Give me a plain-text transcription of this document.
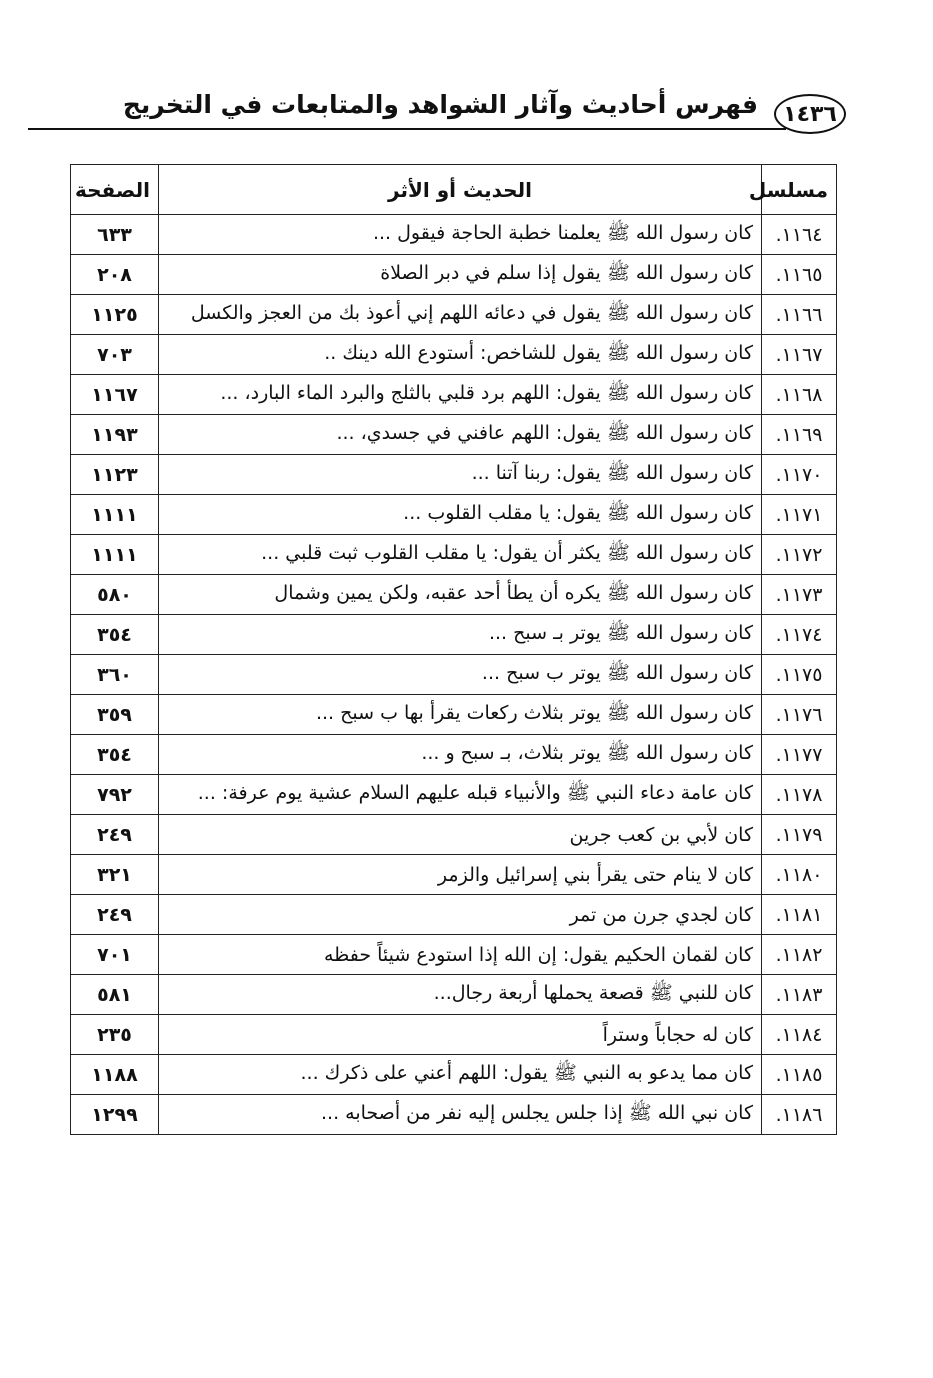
١٤٣٦
فهرس أحاديث وآثار الشواهد والمتابعات في التخريج
مسلسل	الحديث أو الأثر	الصفحة
١١٦٤.	كان رسول الله ﷺ يعلمنا خطبة الحاجة فيقول ...	٦٣٣
١١٦٥.	كان رسول الله ﷺ يقول إذا سلم في دبر الصلاة	٢٠٨
١١٦٦.	كان رسول الله ﷺ يقول في دعائه اللهم إني أعوذ بك من العجز والكسل	١١٢٥
١١٦٧.	كان رسول الله ﷺ يقول للشاخص: أستودع الله دينك ..	٧٠٣
١١٦٨.	كان رسول الله ﷺ يقول: اللهم برد قلبي بالثلج والبرد الماء البارد، ...	١١٦٧
١١٦٩.	كان رسول الله ﷺ يقول: اللهم عافني في جسدي، ...	١١٩٣
١١٧٠.	كان رسول الله ﷺ يقول: ربنا آتنا ...	١١٢٣
١١٧١.	كان رسول الله ﷺ يقول: يا مقلب القلوب ...	١١١١
١١٧٢.	كان رسول الله ﷺ يكثر أن يقول: يا مقلب القلوب ثبت قلبي ...	١١١١
١١٧٣.	كان رسول الله ﷺ يكره أن يطأ أحد عقبه، ولكن يمين وشمال	٥٨٠
١١٧٤.	كان رسول الله ﷺ يوتر بـ سبح ...	٣٥٤
١١٧٥.	كان رسول الله ﷺ يوتر ب سبح ...	٣٦٠
١١٧٦.	كان رسول الله ﷺ يوتر بثلاث ركعات يقرأ بها ب سبح ...	٣٥٩
١١٧٧.	كان رسول الله ﷺ يوتر بثلاث، بـ سبح و ...	٣٥٤
١١٧٨.	كان عامة دعاء النبي ﷺ والأنبياء قبله عليهم السلام عشية يوم عرفة: ...	٧٩٢
١١٧٩.	كان لأبي بن كعب جرين	٢٤٩
١١٨٠.	كان لا ينام حتى يقرأ بني إسرائيل والزمر	٣٢١
١١٨١.	كان لجدي جرن من تمر	٢٤٩
١١٨٢.	كان لقمان الحكيم يقول: إن الله إذا استودع شيئاً حفظه	٧٠١
١١٨٣.	كان للنبي ﷺ قصعة يحملها أربعة رجال...	٥٨١
١١٨٤.	كان له حجاباً وستراً	٢٣٥
١١٨٥.	كان مما يدعو به النبي ﷺ يقول: اللهم أعني على ذكرك ...	١١٨٨
١١٨٦.	كان نبي الله ﷺ إذا جلس يجلس إليه نفر من أصحابه ...	١٢٩٩
